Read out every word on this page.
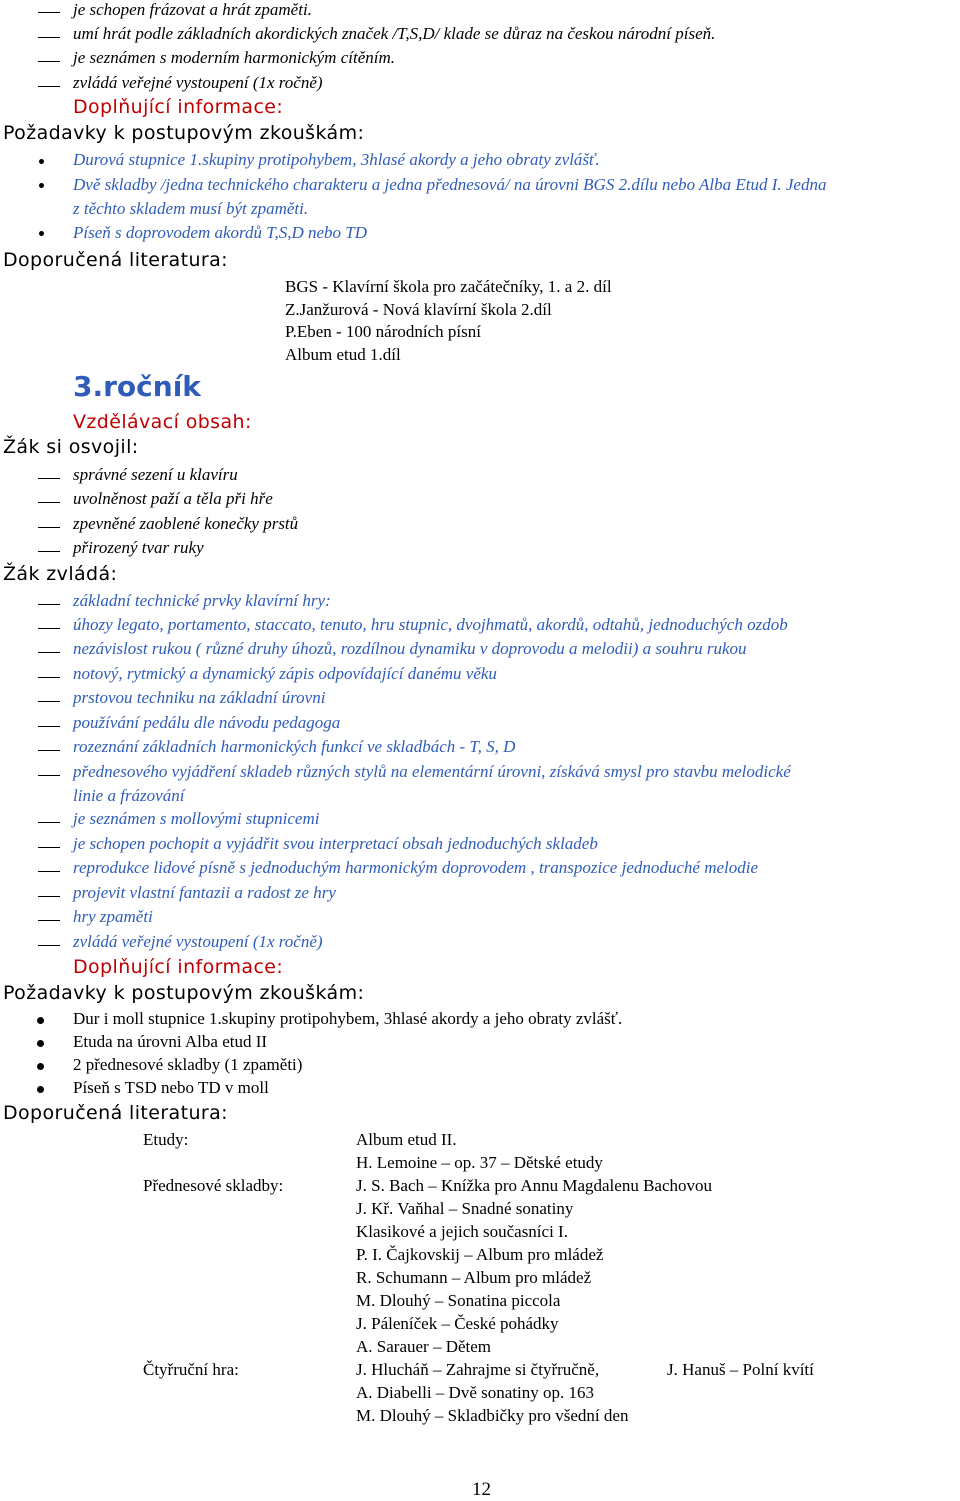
je schopen frázovat a hrát zpaměti.
umí hrát podle základních akordických značek /T,S,D/ klade se důraz na českou národní píseň.
je seznámen s moderním harmonickým cítěním.
zvládá veřejné vystoupení (1x ročně)
Doplňující informace:
Požadavky k postupovým zkouškám:
Durová stupnice 1.skupiny protipohybem, 3hlasé akordy a jeho obraty zvlášť.
Dvě skladby /jedna technického charakteru a jedna přednesová/ na úrovni BGS 2.dílu nebo Alba Etud I. Jedna
z těchto skladem musí být zpaměti.
Píseň s doprovodem akordů T,S,D nebo TD
Doporučená literatura:
BGS - Klavírní škola pro začátečníky, 1. a 2. díl
Z.Janžurová - Nová klavírní škola 2.díl
P.Eben - 100 národních písní
Album etud 1.díl
3.ročník
Vzdělávací obsah:
Žák si osvojil:
správné sezení u klavíru
uvolněnost paží a těla při hře
zpevněné zaoblené konečky prstů
přirozený tvar ruky
Žák zvládá:
základní technické prvky klavírní hry:
úhozy legato, portamento, staccato, tenuto, hru stupnic, dvojhmatů, akordů, odtahů, jednoduchých ozdob
nezávislost rukou ( různé druhy úhozů, rozdílnou dynamiku v doprovodu a melodii) a souhru rukou
notový, rytmický a dynamický zápis odpovídající danému věku
prstovou techniku na základní úrovni
používání pedálu dle návodu pedagoga
rozeznání základních harmonických funkcí ve skladbách - T, S, D
přednesového vyjádření skladeb různých stylů na elementární úrovni, získává smysl pro stavbu melodické
linie a frázování
je seznámen s mollovými stupnicemi
je schopen pochopit a vyjádřit svou interpretací obsah jednoduchých skladeb
reprodukce lidové písně s jednoduchým harmonickým doprovodem , transpozice jednoduché melodie
projevit vlastní fantazii a radost ze hry
hry zpaměti
zvládá veřejné vystoupení (1x ročně)
Doplňující informace:
Požadavky k postupovým zkouškám:
Dur i moll stupnice 1.skupiny protipohybem, 3hlasé akordy a jeho obraty zvlášť.
Etuda na úrovni Alba etud II
2 přednesové skladby (1 zpaměti)
Píseň s TSD nebo TD v moll
Doporučená literatura:
Etudy:	Album etud II.
H. Lemoine – op. 37 – Dětské etudy
Přednesové skladby:	J. S. Bach – Knížka pro Annu Magdalenu Bachovou
J. Kř. Vaňhal – Snadné sonatiny
Klasikové a jejich současníci I.
P. I. Čajkovskij – Album pro mládež
R. Schumann – Album pro mládež
M. Dlouhý – Sonatina piccola
J. Páleníček – České pohádky
A. Sarauer – Dětem
Čtyřruční hra:	J. Hlucháň – Zahrajme si čtyřručně,	J. Hanuš – Polní kvítí
A. Diabelli – Dvě sonatiny op. 163
M. Dlouhý – Skladbičky pro všední den
12
